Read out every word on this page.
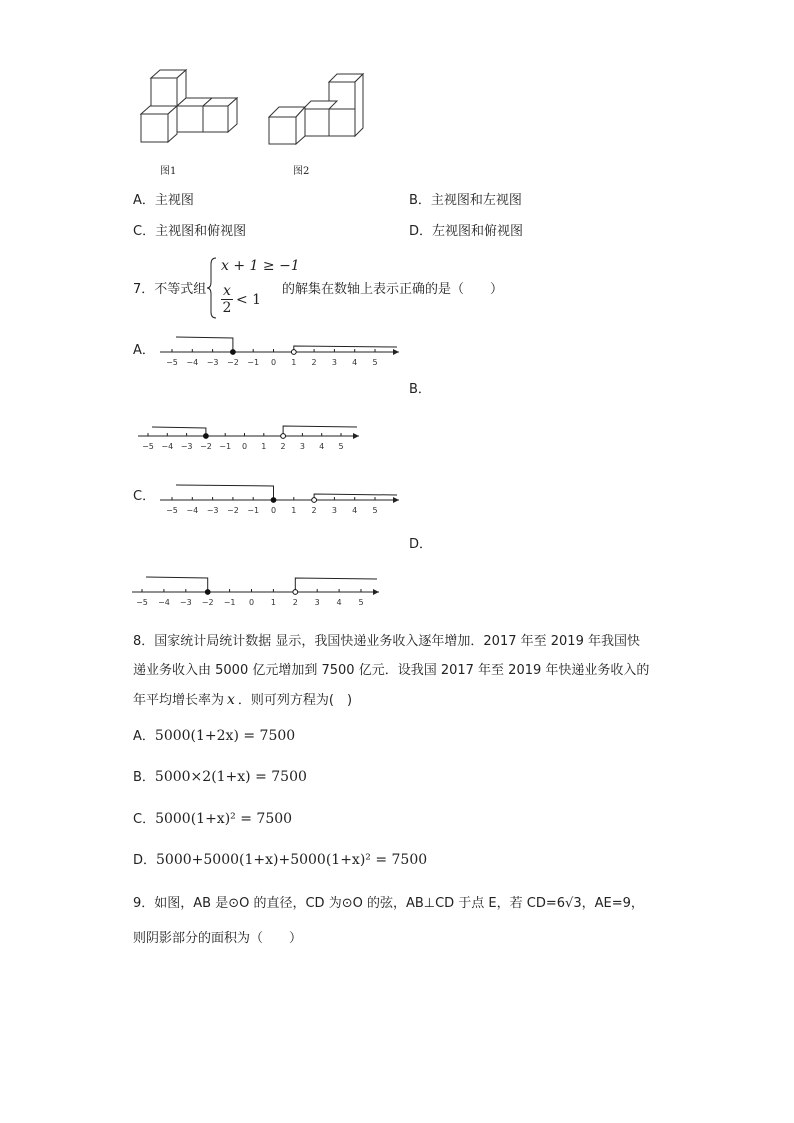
图1	图2
A．主视图	B．主视图和左视图
C．主视图和俯视图	D．左视图和俯视图
7．不等式组
x + 1 ≥ −1
x
2 < 1
的解集在数轴上表示正确的是（　　）
A．
B．
C．
D．
−5 −4 −3 −2 −1 0 1 2 3 4 5
−5 −4 −3 −2 −1 0 1 2 3 4 5
−5 −4 −3 −2 −1 0 1 2 3 4 5
−5 −4 −3 −2 −1 0 1 2 3 4 5
8．国家统计局统计数据 显示，我国快递业务收入逐年增加．2017 年至 2019 年我国快
递业务收入由 5000 亿元增加到 7500 亿元．设我国 2017 年至 2019 年快递业务收入的
年平均增长率为 x ．则可列方程为(　)
A．5000(1+2x) = 7500
B．5000×2(1+x) = 7500
C．5000(1+x)² = 7500
D．5000+5000(1+x)+5000(1+x)² = 7500
9．如图，AB 是⊙O 的直径，CD 为⊙O 的弦，AB⊥CD 于点 E，若 CD=6√3，AE=9，
则阴影部分的面积为（　　）
